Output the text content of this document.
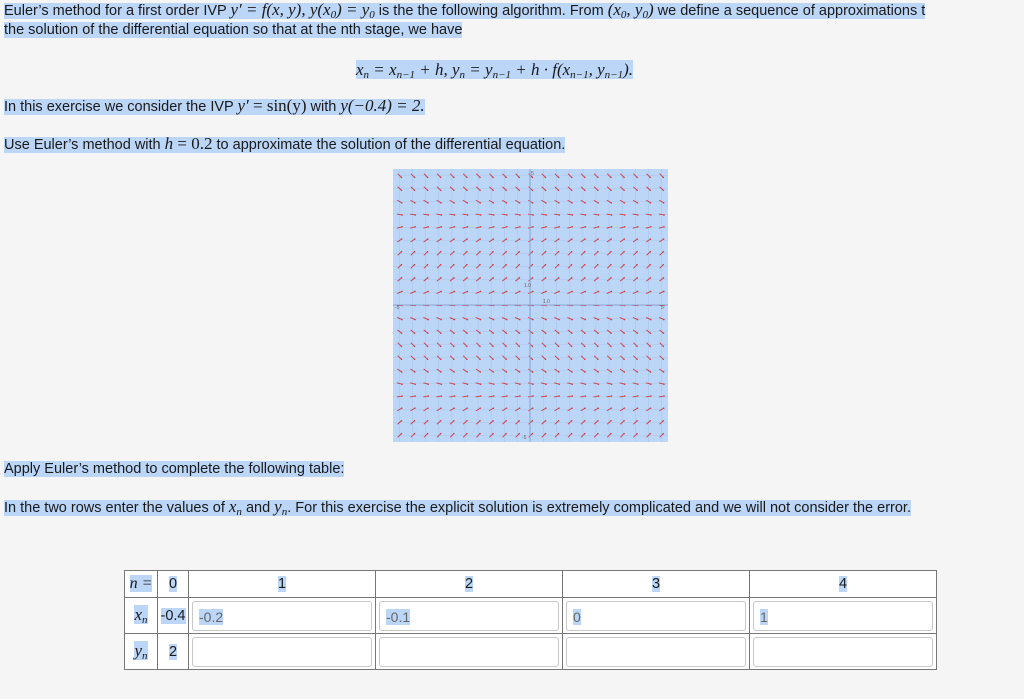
Euler’s method for a first order IVP y′ = f(x, y), $y(x_0) = y_0$ is the the following algorithm. From ($x_0$, $y_0$) we define a sequence of approximations t
the solution of the differential equation so that at the nth stage, we have
$x_n = x_{n-1} + h$, $y_n = y_{n-1} + h \cdot f(x_{n-1}$, $y_{n-1}$).
In this exercise we consider the IVP y′ = sin(y) with y(−0.4) = 2.
Use Euler’s method with h = 0.2 to approximate the solution of the differential equation.
-5	5
5
-5
1.0
1.0
Apply Euler’s method to complete the following table:
In the two rows enter the values of $x_n$ and $y_n$. For this exercise the explicit solution is extremely complicated and we will not consider the error.
n =	0	1	2	3	4
$x_n$	-0.4	-0.2	-0.1	0	1

$y_n$	2	
